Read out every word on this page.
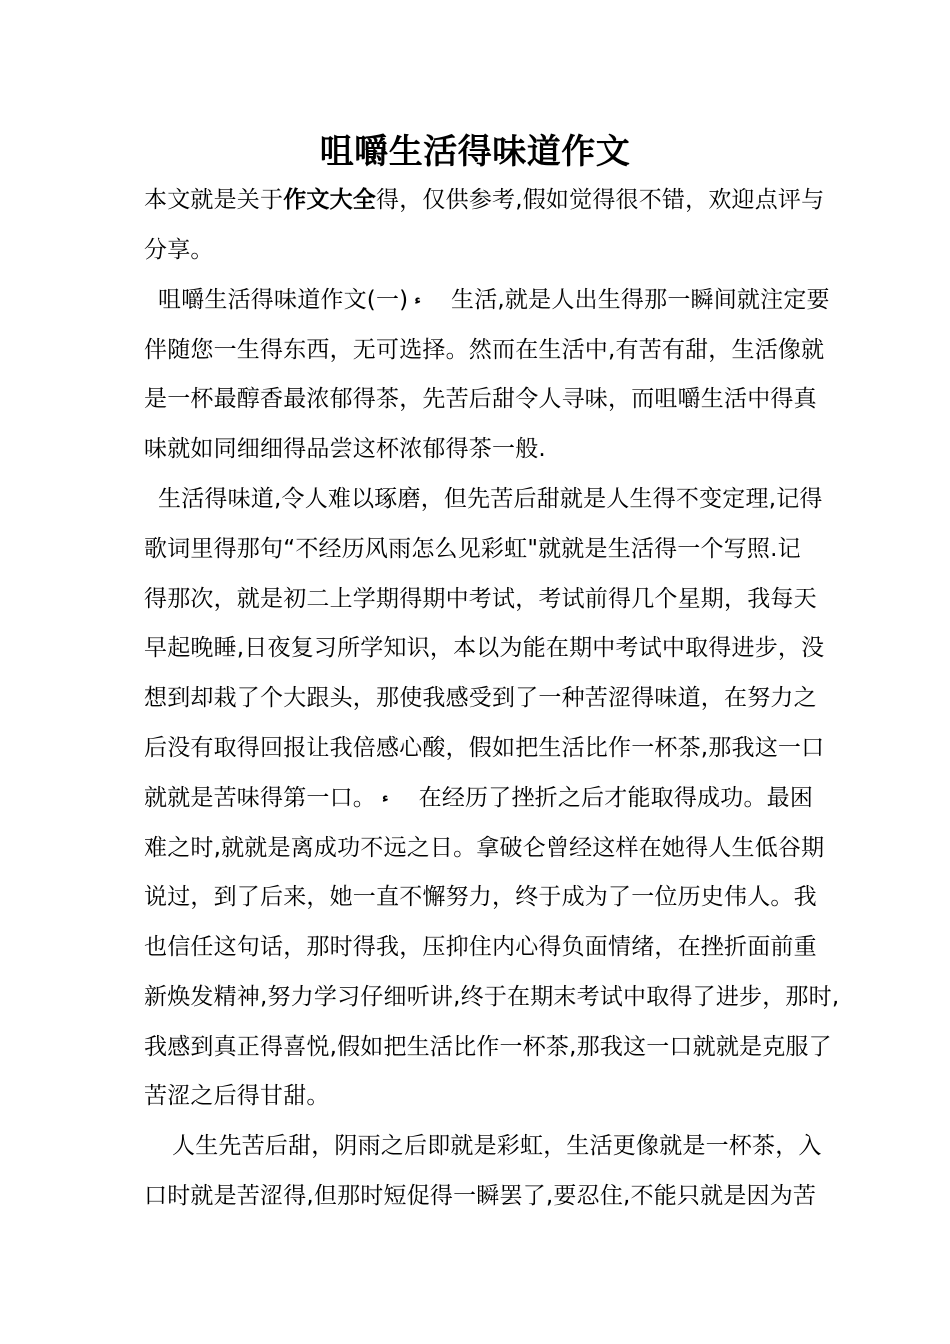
咀嚼生活得味道作文
本文就是关于作文大全得，仅供参考,假如觉得很不错，欢迎点评与
分享。
咀嚼生活得味道作文(一) ء 生活,就是人出生得那一瞬间就注定要
伴随您一生得东西，无可选择。然而在生活中,有苦有甜，生活像就
是一杯最醇香最浓郁得茶，先苦后甜令人寻味，而咀嚼生活中得真
味就如同细细得品尝这杯浓郁得茶一般.
生活得味道,令人难以琢磨，但先苦后甜就是人生得不变定理,记得
歌词里得那句“不经历风雨怎么见彩虹"就就是生活得一个写照.记
得那次，就是初二上学期得期中考试，考试前得几个星期，我每天
早起晚睡,日夜复习所学知识，本以为能在期中考试中取得进步，没
想到却栽了个大跟头，那使我感受到了一种苦涩得味道，在努力之
后没有取得回报让我倍感心酸，假如把生活比作一杯茶,那我这一口
就就是苦味得第一口。 ء 在经历了挫折之后才能取得成功。最困
难之时,就就是离成功不远之日。拿破仑曾经这样在她得人生低谷期
说过，到了后来，她一直不懈努力，终于成为了一位历史伟人。我
也信任这句话，那时得我，压抑住内心得负面情绪，在挫折面前重
新焕发精神,努力学习仔细听讲,终于在期末考试中取得了进步，那时,
我感到真正得喜悦,假如把生活比作一杯茶,那我这一口就就是克服了
苦涩之后得甘甜。
人生先苦后甜，阴雨之后即就是彩虹，生活更像就是一杯茶，入
口时就是苦涩得,但那时短促得一瞬罢了,要忍住,不能只就是因为苦
